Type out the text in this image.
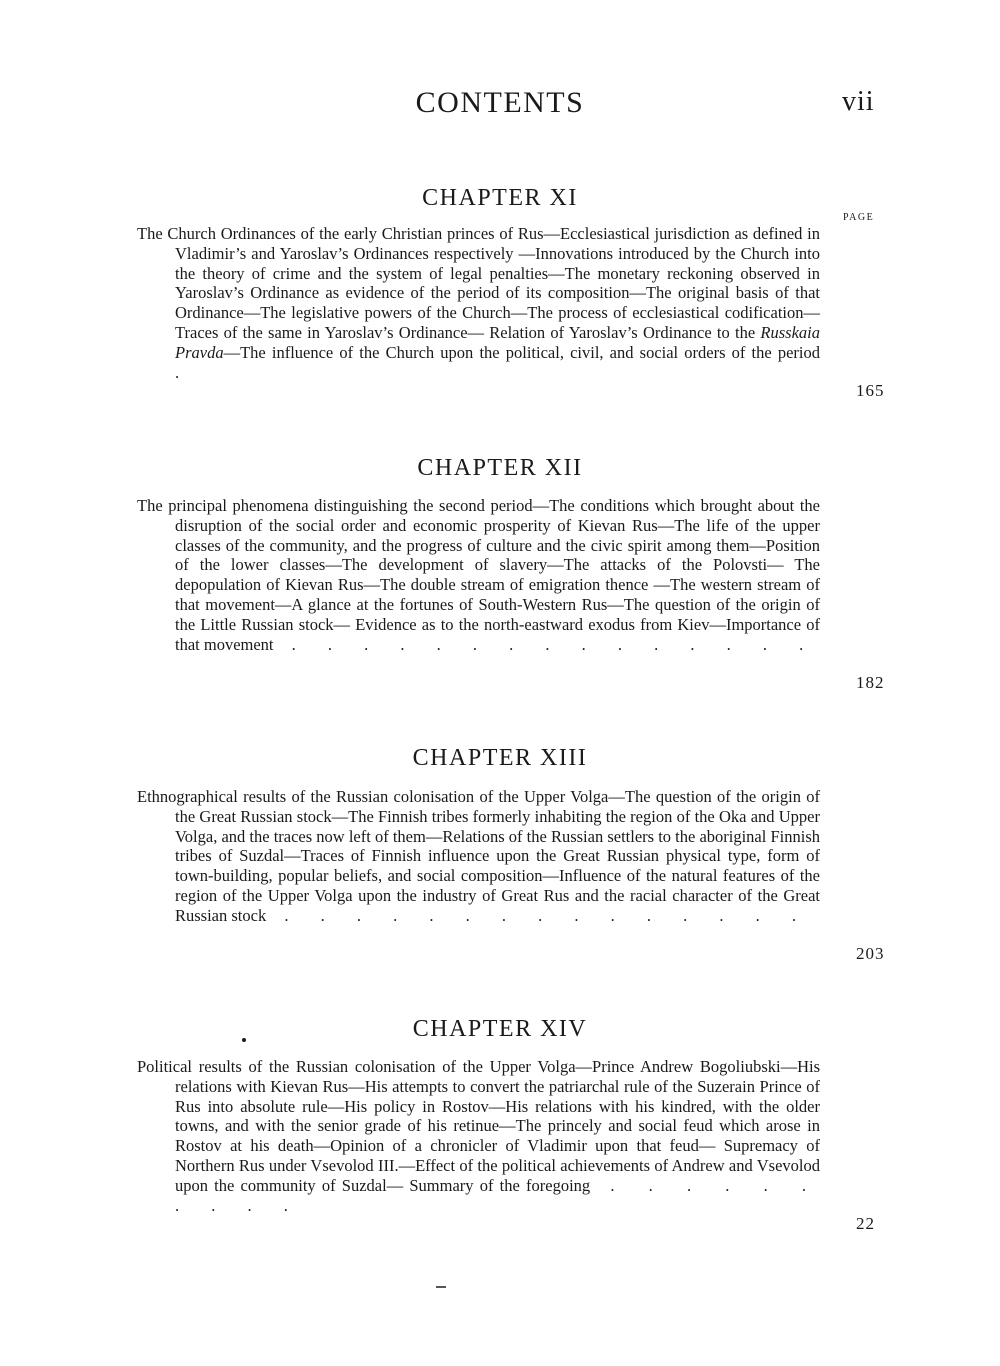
CONTENTS	vii
PAGE
CHAPTER XI

The Church Ordinances of the early Christian princes of Rus—Ecclesiastical jurisdiction as defined in Vladimir’s and Yaroslav’s Ordinances respectively —Innovations introduced by the Church into the theory of crime and the system of legal penalties—The monetary reckoning observed in Yaroslav’s Ordinance as evidence of the period of its composition—The original basis of that Ordinance—The legislative powers of the Church—The process of ecclesiastical codification—Traces of the same in Yaroslav’s Ordinance— Relation of Yaroslav’s Ordinance to the Russkaia Pravda—The influence of the Church upon the political, civil, and social orders of the period .

165
CHAPTER XII

The principal phenomena distinguishing the second period—The conditions which brought about the disruption of the social order and economic prosperity of Kievan Rus—The life of the upper classes of the community, and the progress of culture and the civic spirit among them—Position of the lower classes—The development of slavery—The attacks of the Polovsti— The depopulation of Kievan Rus—The double stream of emigration thence —The western stream of that movement—A glance at the fortunes of South-Western Rus—The question of the origin of the Little Russian stock— Evidence as to the north-eastward exodus from Kiev—Importance of that movement . . . . . . . . . . . . . . .

182
CHAPTER XIII

Ethnographical results of the Russian colonisation of the Upper Volga—The question of the origin of the Great Russian stock—The Finnish tribes formerly inhabiting the region of the Oka and Upper Volga, and the traces now left of them—Relations of the Russian settlers to the aboriginal Finnish tribes of Suzdal—Traces of Finnish influence upon the Great Russian physical type, form of town-building, popular beliefs, and social composition—Influence of the natural features of the region of the Upper Volga upon the industry of Great Rus and the racial character of the Great Russian stock . . . . . . . . . . . . . . .

203
CHAPTER XIV

Political results of the Russian colonisation of the Upper Volga—Prince Andrew Bogoliubski—His relations with Kievan Rus—His attempts to convert the patriarchal rule of the Suzerain Prince of Rus into absolute rule—His policy in Rostov—His relations with his kindred, with the older towns, and with the senior grade of his retinue—The princely and social feud which arose in Rostov at his death—Opinion of a chronicler of Vladimir upon that feud— Supremacy of Northern Rus under Vsevolod III.—Effect of the political achievements of Andrew and Vsevolod upon the community of Suzdal— Summary of the foregoing . . . . . . . . . .

22
